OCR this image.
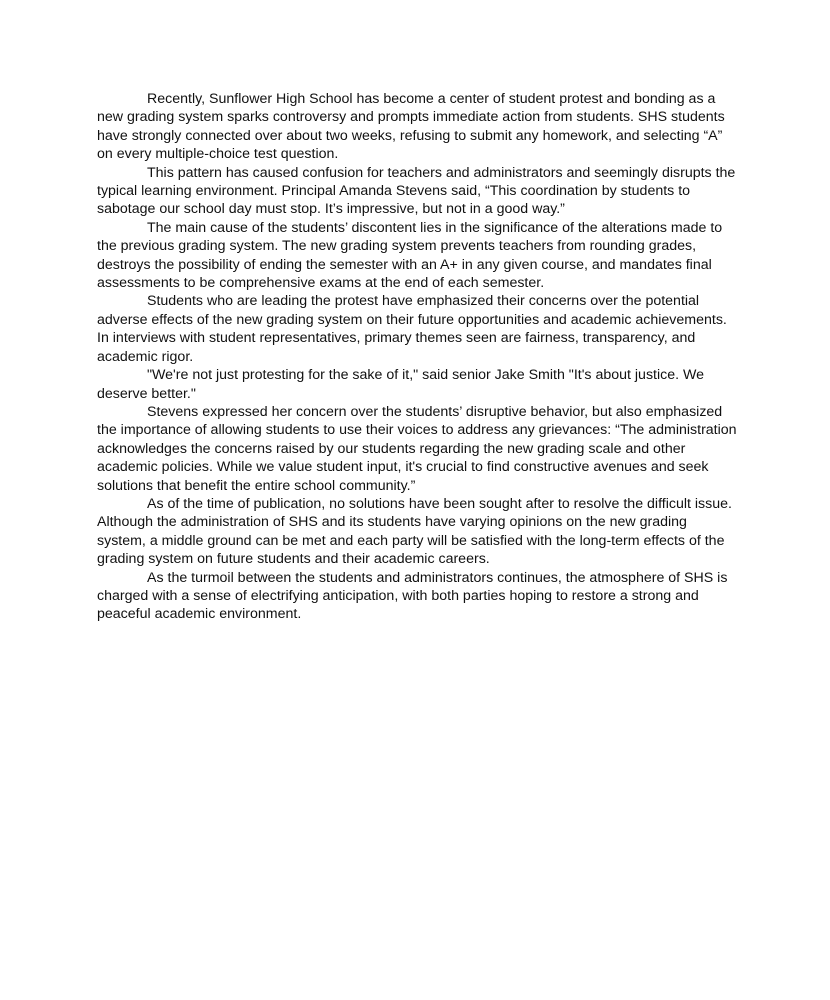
Recently, Sunflower High School has become a center of student protest and bonding as a new grading system sparks controversy and prompts immediate action from students. SHS students have strongly connected over about two weeks, refusing to submit any homework, and selecting “A” on every multiple-choice test question.

This pattern has caused confusion for teachers and administrators and seemingly disrupts the typical learning environment. Principal Amanda Stevens said, “This coordination by students to sabotage our school day must stop. It’s impressive, but not in a good way.”

The main cause of the students’ discontent lies in the significance of the alterations made to the previous grading system. The new grading system prevents teachers from rounding grades, destroys the possibility of ending the semester with an A+ in any given course, and mandates final assessments to be comprehensive exams at the end of each semester.

Students who are leading the protest have emphasized their concerns over the potential adverse effects of the new grading system on their future opportunities and academic achievements. In interviews with student representatives, primary themes seen are fairness, transparency, and academic rigor.

"We're not just protesting for the sake of it," said senior Jake Smith "It's about justice. We deserve better."

Stevens expressed her concern over the students’ disruptive behavior, but also emphasized the importance of allowing students to use their voices to address any grievances: “The administration acknowledges the concerns raised by our students regarding the new grading scale and other academic policies. While we value student input, it's crucial to find constructive avenues and seek solutions that benefit the entire school community.”

As of the time of publication, no solutions have been sought after to resolve the difficult issue. Although the administration of SHS and its students have varying opinions on the new grading system, a middle ground can be met and each party will be satisfied with the long-term effects of the grading system on future students and their academic careers.

As the turmoil between the students and administrators continues, the atmosphere of SHS is charged with a sense of electrifying anticipation, with both parties hoping to restore a strong and peaceful academic environment.
